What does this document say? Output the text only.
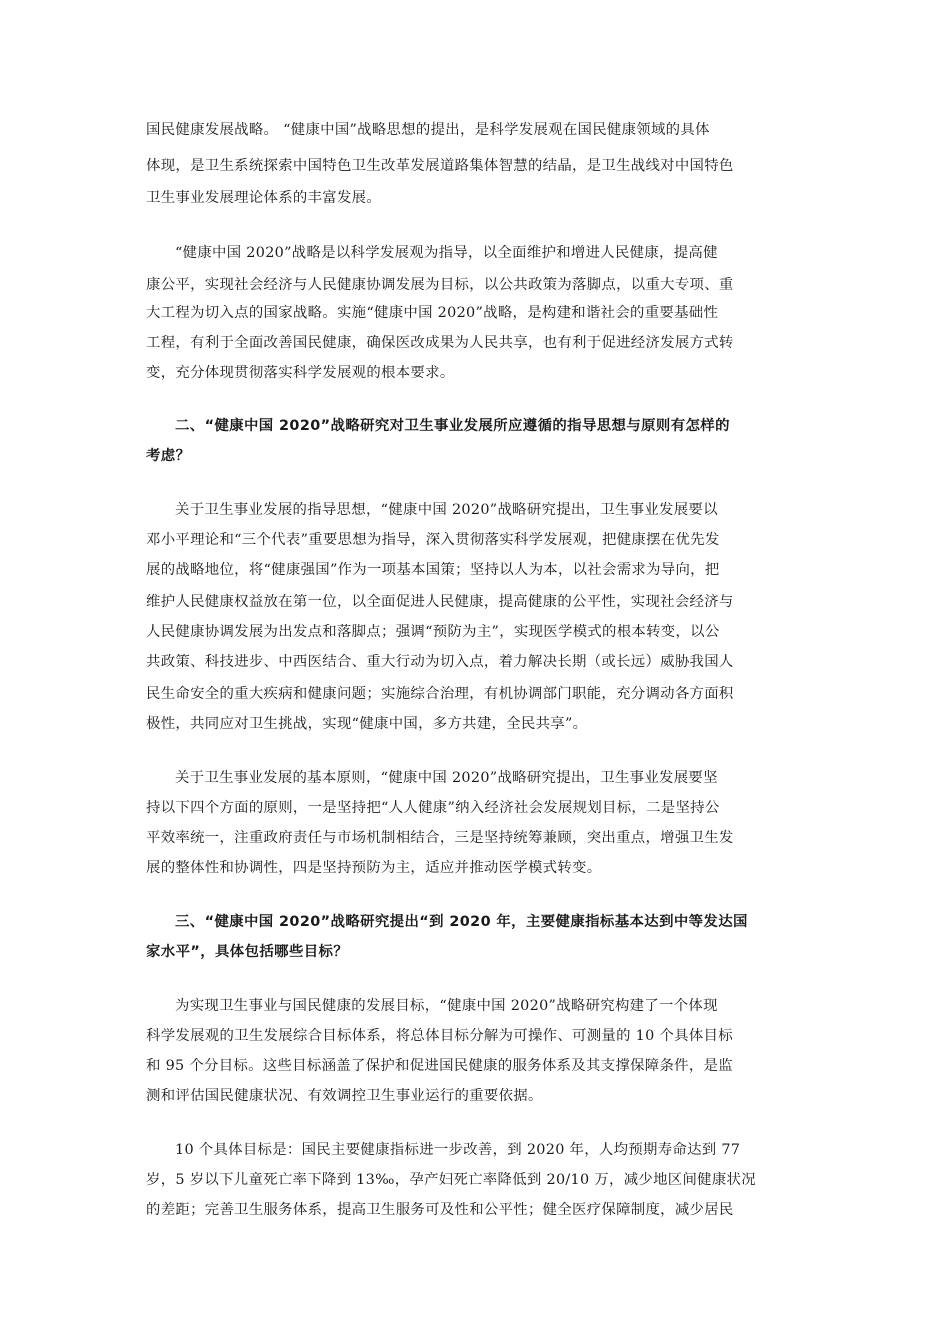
国民健康发展战略。 “健康中国”战略思想的提出，是科学发展观在国民健康领域的具体
体现，是卫生系统探索中国特色卫生改革发展道路集体智慧的结晶，是卫生战线对中国特色
卫生事业发展理论体系的丰富发展。
“健康中国 2020”战略是以科学发展观为指导，以全面维护和增进人民健康，提高健
康公平，实现社会经济与人民健康协调发展为目标，以公共政策为落脚点，以重大专项、重
大工程为切入点的国家战略。实施“健康中国 2020”战略，是构建和谐社会的重要基础性
工程，有利于全面改善国民健康，确保医改成果为人民共享，也有利于促进经济发展方式转
变，充分体现贯彻落实科学发展观的根本要求。
二、“健康中国 2020”战略研究对卫生事业发展所应遵循的指导思想与原则有怎样的
考虑？
关于卫生事业发展的指导思想，“健康中国 2020”战略研究提出，卫生事业发展要以
邓小平理论和“三个代表”重要思想为指导，深入贯彻落实科学发展观，把健康摆在优先发
展的战略地位，将“健康强国”作为一项基本国策；坚持以人为本，以社会需求为导向，把
维护人民健康权益放在第一位，以全面促进人民健康，提高健康的公平性，实现社会经济与
人民健康协调发展为出发点和落脚点；强调“预防为主”，实现医学模式的根本转变，以公
共政策、科技进步、中西医结合、重大行动为切入点，着力解决长期（或长远）威胁我国人
民生命安全的重大疾病和健康问题；实施综合治理，有机协调部门职能，充分调动各方面积
极性，共同应对卫生挑战，实现“健康中国，多方共建，全民共享”。
关于卫生事业发展的基本原则，“健康中国 2020”战略研究提出，卫生事业发展要坚
持以下四个方面的原则，一是坚持把“人人健康”纳入经济社会发展规划目标，二是坚持公
平效率统一，注重政府责任与市场机制相结合，三是坚持统筹兼顾，突出重点，增强卫生发
展的整体性和协调性，四是坚持预防为主，适应并推动医学模式转变。
三、“健康中国 2020”战略研究提出“到 2020 年，主要健康指标基本达到中等发达国
家水平”，具体包括哪些目标？
为实现卫生事业与国民健康的发展目标，“健康中国 2020”战略研究构建了一个体现
科学发展观的卫生发展综合目标体系，将总体目标分解为可操作、可测量的 10 个具体目标
和 95 个分目标。这些目标涵盖了保护和促进国民健康的服务体系及其支撑保障条件，是监
测和评估国民健康状况、有效调控卫生事业运行的重要依据。
10 个具体目标是：国民主要健康指标进一步改善，到 2020 年，人均预期寿命达到 77
岁，5 岁以下儿童死亡率下降到 13‰，孕产妇死亡率降低到 20/10 万，减少地区间健康状况
的差距；完善卫生服务体系，提高卫生服务可及性和公平性；健全医疗保障制度，减少居民
